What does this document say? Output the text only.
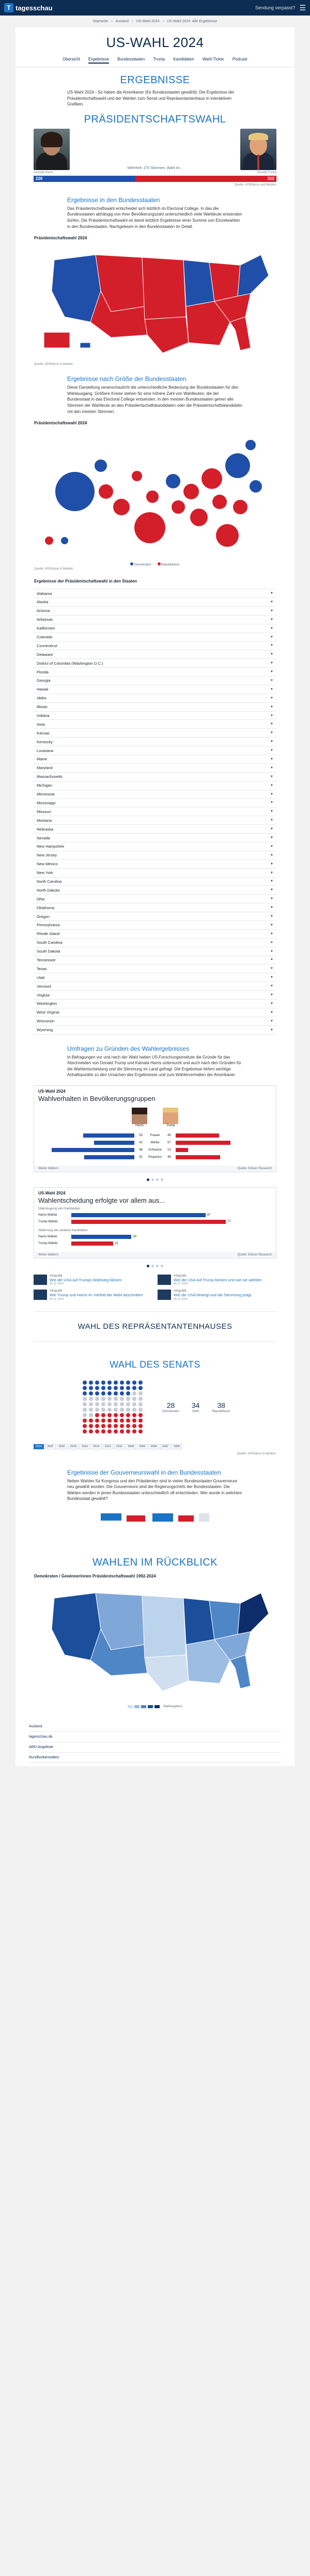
T tagesschau	Sendung verpasst? ☰
Startseite › Ausland › US-Wahl 2024 › US-Wahl 2024: Alle Ergebnisse
US-WAHL 2024
Übersicht Ergebnisse Bundesstaaten Trump Kandidaten Wahl-Ticker Podcast
ERGEBNISSE

US-Wahl 2024 - So haben die Amerikaner (für Bundesstaaten gewählt): Die Ergebnisse der Präsidentschaftswahl und der Wahlen zum Senat und Repräsentantenhaus in interaktiven Grafiken.

PRÄSIDENTSCHAFTSWAHL
Mehrheit: 270 Stimmen, Wahl ist...
Kamala Harris	Donald Trump
226	312
Quelle: AP/Edison und Medien
Ergebnisse in den Bundesstaaten

Das Präsidentschaftswahl entscheidet sich letztlich im Electoral College. In das die Bundesstaaten abhängig von ihrer Bevölkerungszahl unterschiedlich viele Wahlleute entsenden dürfen. Die Präsidentschaftswahl ist damit letztlich Ergebnisse einer Summe von Einzelwahlen in den Bundesstaaten. Nachgelesen in den Bundesstaaten im Detail.

Präsidentschaftswahl 2024
Quelle: AP/Edison & Medien
Ergebnisse nach Größe der Bundesstaaten

Diese Darstellung veranschaulicht die unterschiedliche Bedeutung der Bundesstaaten für den Wahlausgang. Größere Kreise stehen für eine höhere Zahl von Wahlleuten, die der Bundesstaat in das Electoral College entsenden. In den meisten Bundesstaaten gehen alle Stimmen der Wahlleute an den Präsidentschaftskandidaten oder die Präsidentschaftskandidatin mit den meisten Stimmen.

Präsidentschaftswahl 2024
Demokraten	Republikaner
Quelle: AP/Edison & Medien
Ergebnisse der Präsidentschaftswahl in den Staaten
Alabama	▼
Alaska	▼
Arizona	▼
Arkansas	▼
Kalifornien	▼
Colorado	▼
Connecticut	▼
Delaware	▼
District of Columbia (Washington D.C.)	▼
Florida	▼
Georgia	▼
Hawaii	▼
Idaho	▼
Illinois	▼
Indiana	▼
Iowa	▼
Kansas	▼
Kentucky	▼
Louisiana	▼
Maine	▼
Maryland	▼
Massachusetts	▼
Michigan	▼
Minnesota	▼
Mississippi	▼
Missouri	▼
Montana	▼
Nebraska	▼
Nevada	▼
New Hampshire	▼
New Jersey	▼
New Mexico	▼
New York	▼
North Carolina	▼
North Dakota	▼
Ohio	▼
Oklahoma	▼
Oregon	▼
Pennsylvania	▼
Rhode Island	▼
South Carolina	▼
South Dakota	▼
Tennessee	▼
Texas	▼
Utah	▼
Vermont	▼
Virginia	▼
Washington	▼
West Virginia	▼
Wisconsin	▼
Wyoming	▼
Umfragen zu Gründen des Wahlergebnisses

In Befragungen vor und nach der Wahl hatten US-Forschungsinstitute die Gründe für das Abschneiden von Donald Trump und Kamala Harris untersucht und auch nach den Gründen für die Wahlentscheidung und die Stimmung im Land gefragt. Die Ergebnisse liefern wichtige Anhaltspunkte zu den Ursachen des Ergebnisses und zum Wählerverhalten der Amerikaner.

US-Wahl 2024
Wahlverhalten in Bevölkerungsgruppen
Harris	Trump
53	Frauen	45
42	Weiße	57
86	Schwarze	13
52	Hispanics	46
Weiter blättern	Quelle: Edison Research
US-Wahl 2024
Wahlentscheidung erfolgte vor allem aus...
Überzeugung vom Kandidaten
Harris-Wähler	67
Trump-Wähler	77
Ablehnung des anderen Kandidaten
Harris-Wähler	30
Trump-Wähler	21
Weiter blättern	Quelle: Edison Research
Infografik
Wie die USA auf Trumps Wahlsieg blicken
06.11.2024
Infografik
Wie die USA auf Trump blicken und wie sie wählten
06.11.2024
Infografik
Wie Trump und Harris im Vorfeld der Wahl abschnitten
05.11.2024
Infografik
Wie die USA bewegt und die Stimmung prägt
05.11.2024
WAHL DES REPRÄSENTANTENHAUSES
WAHL DES SENATS
28
Demokraten
34
Wahl
38
Republikaner
2024	2022	2020	2018	2016	2014	2012	2010	2008	2006	2004	2002	2000
Quelle: AP/Edison & Medien
Ergebnisse der Gouverneurswahl in den Bundesstaaten

Neben Wahlen für Kongress und den Präsidenten sind in vielen Bundesstaaten Gouverneure neu gewählt worden. Die Gouverneure sind die Regierungschefs der Bundesstaaten. Die Wahlen werden in jenen Bundesstaaten unterschiedlich oft entschieden. Wer wurde in welchem Bundesstaat gewählt?

WAHLEN IM RÜCKBLICK
Demokraten / Gewinnerinnen Präsidentschaftswahl 1992-2024
Wahlergebnis
Ausland
tagesschau.de
ARD-Angebote
Rundfunkanstalten
